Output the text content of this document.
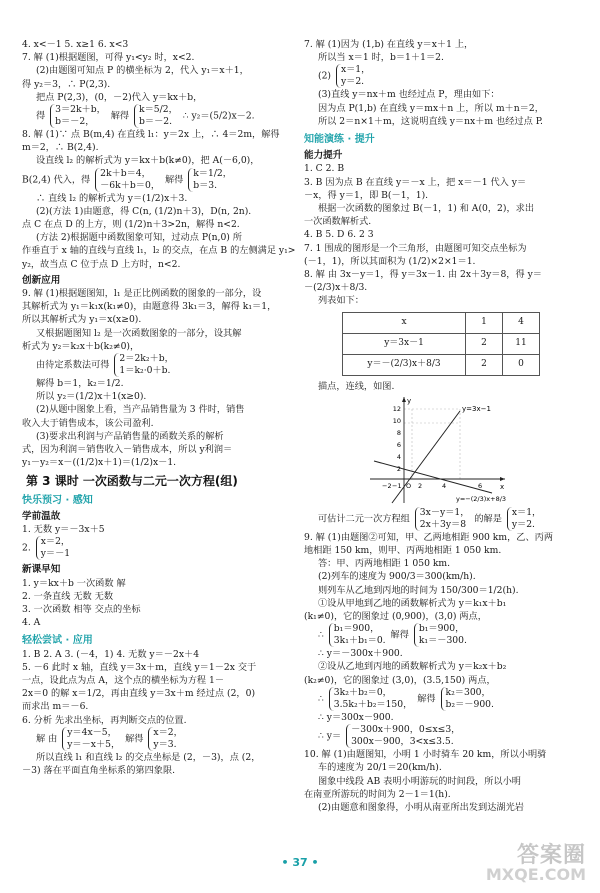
4. x<－1 5. x≥1 6. x<3
7. 解 (1)根据题图，可得 y₁<y₂ 时，x<2.
(2)由题图可知点 P 的横坐标为 2，代入 y₁＝x＋1，
得 y₂＝3，∴ P(2,3).
把点 P(2,3)，(0，－2)代入 y＝kx＋b，
得 3＝2k＋b，
b＝－2， 解得 k＝5/2，
b＝－2. ∴ y₂＝(5/2)x－2.
8. 解 (1)∵ 点 B(m,4) 在直线 l₁：y＝2x 上，∴ 4＝2m，解得
m＝2，∴ B(2,4).
设直线 l₂ 的解析式为 y＝kx＋b(k≠0)，把 A(－6,0)，
B(2,4) 代入，得 2k＋b＝4，
－6k＋b＝0， 解得 k＝1/2，
b＝3.
∴ 直线 l₂ 的解析式为 y＝(1/2)x＋3.
(2)(方法 1)由题意，得 C(n, (1/2)n＋3)，D(n, 2n).
点 C 在点 D 的上方，则 (1/2)n＋3>2n，解得 n<2.
(方法 2)根据题中函数图象可知，过动点 P(n,0) 所
作垂直于 x 轴的直线与直线 l₁，l₂ 的交点，在点 B 的左侧满足 y₁>
y₂，故当点 C 位于点 D 上方时，n<2.
创新应用
9. 解 (1)根据题图知，l₁ 是正比例函数的图象的一部分，设
其解析式为 y₁＝k₁x(k₁≠0)，由题意得 3k₁＝3，解得 k₁＝1，
所以其解析式为 y₁＝x(x≥0).
又根据题图知 l₂ 是一次函数图象的一部分，设其解
析式为 y₂＝k₂x＋b(k₂≠0)，
由待定系数法可得 2＝2k₂＋b，
1＝k₂·0＋b.
解得 b＝1，k₂＝1/2.
所以 y₂＝(1/2)x＋1(x≥0).
(2)从题中图象上看，当产品销售量为 3 件时，销售
收入大于销售成本，该公司盈利.
(3)要求出利润与产品销售量的函数关系的解析
式，因为利润＝销售收入－销售成本，所以 y利润＝
y₁－y₂＝x－((1/2)x＋1)＝(1/2)x－1.
第 3 课时 一次函数与二元一次方程(组)
快乐预习 · 感知
学前温故
1. 无数 y＝－3x＋5
2. x＝2，
y＝－1
新课早知
1. y＝kx＋b 一次函数 解
2. 一条直线 无数 无数
3. 一次函数 相等 交点的坐标
4. A
轻松尝试 · 应用
1. B 2. A 3. (－4，1) 4. 无数 y＝－2x＋4
5. －6 此时 x 轴，直线 y＝3x＋m，直线 y＝1－2x 交于
一点，设此点为点 A，这个点的横坐标为方程 1－
2x＝0 的解 x＝1/2，再由直线 y＝3x＋m 经过点 (2，0)
而求出 m＝－6.
6. 分析 先求出坐标，再判断交点的位置.
解 由 y＝4x－5，
y＝－x＋5， 解得 x＝2，
y＝3.
所以直线 l₁ 和直线 l₂ 的交点坐标是 (2，－3)，点 (2，
－3) 落在平面直角坐标系的第四象限.
7. 解 (1)因为 (1,b) 在直线 y＝x＋1 上，
所以当 x＝1 时，b＝1＋1＝2.
(2) x＝1，
y＝2.
(3)直线 y＝nx＋m 也经过点 P，理由如下：
因为点 P(1,b) 在直线 y＝mx＋n 上，所以 m＋n＝2，
所以 2＝n×1＋m，这说明直线 y＝nx＋m 也经过点 P.
知能演练 · 提升
能力提升
1. C 2. B
3. B 因为点 B 在直线 y＝－x 上，把 x＝－1 代入 y＝
－x，得 y＝1，即 B(－1，1).
根据一次函数的图象过 B(－1，1) 和 A(0，2)，求出
一次函数解析式.
4. B 5. D 6. 2 3
7. 1 围成的图形是一个三角形，由题图可知交点坐标为
(－1，1)，所以其面积为 (1/2)×2×1＝1.
8. 解 由 3x－y＝1，得 y＝3x－1. 由 2x＋3y＝8，得 y＝
－(2/3)x＋8/3.
列表如下：
x	1	4
y＝3x－1	2	11
y＝－(2/3)x＋8/3	2	0
描点，连线，如图.
y=3x−1
y=−(2/3)x+8/3
12
10
8
6
4
2
−2 −1 O 2	4	6	x
y
可估计二元一次方程组 3x－y＝1，
2x＋3y＝8 的解是 x＝1，
y＝2.
9. 解 (1)由题图②可知，甲、乙两地相距 900 km，乙、丙两
地相距 150 km，则甲、丙两地相距 1 050 km.
答：甲、丙两地相距 1 050 km.
(2)列车的速度为 900/3＝300(km/h).
则列车从乙地到丙地的时间为 150/300＝1/2(h).
①设从甲地到乙地的函数解析式为 y＝k₁x＋b₁
(k₁≠0)，它的图象过 (0,900)，(3,0) 两点，
∴ b₁＝900，
3k₁＋b₁＝0. 解得 b₁＝900，
k₁＝－300.
∴ y＝－300x＋900.
②设从乙地到丙地的函数解析式为 y＝k₂x＋b₂
(k₂≠0)，它的图象过 (3,0)，(3.5,150) 两点，
∴ 3k₂＋b₂＝0，
3.5k₂＋b₂＝150， 解得 k₂＝300，
b₂＝－900.
∴ y＝300x－900.
∴ y＝ －300x＋900，0≤x≤3，
300x－900，3<x≤3.5.
10. 解 (1)由题图知，小明 1 小时骑车 20 km，所以小明骑
车的速度为 20/1＝20(km/h).
图象中线段 AB 表明小明游玩的时间段，所以小明
在南亚所游玩的时间为 2－1＝1(h).
(2)由题意和图象得，小明从南亚所出发到达湖光岩
• 37 •	答案圈
MXQE.COM
